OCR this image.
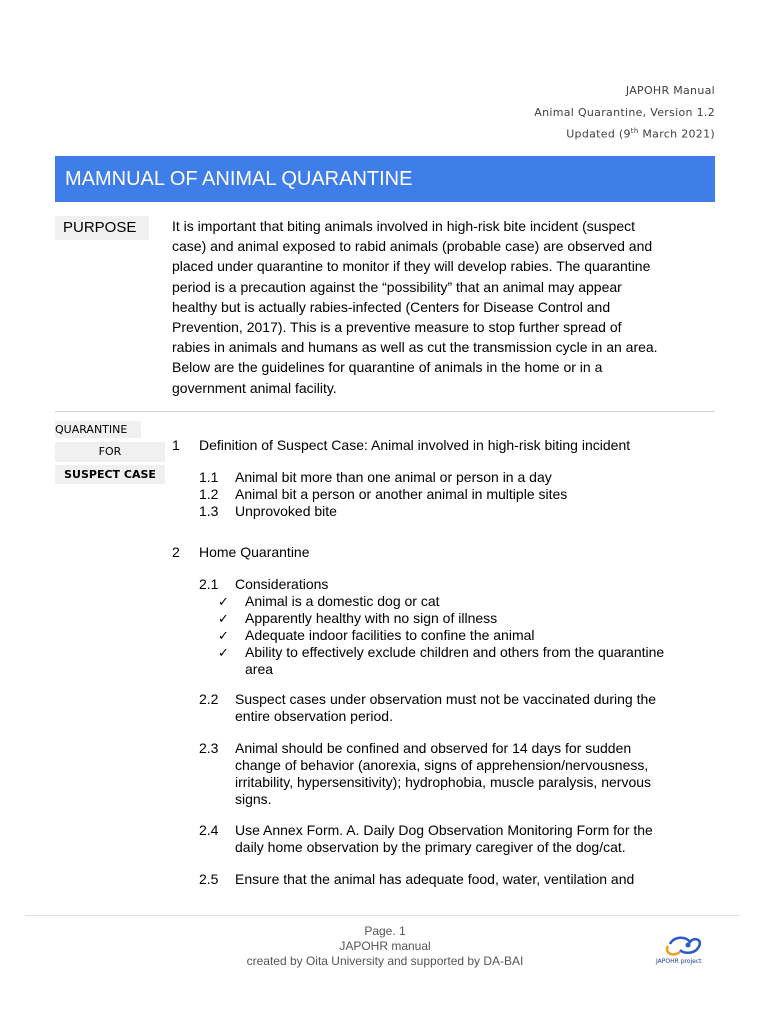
JAPOHR Manual
Animal Quarantine, Version 1.2
Updated (9th March 2021)
MAMNUAL OF ANIMAL QUARANTINE
PURPOSE	It is important that biting animals involved in high-risk bite incident (suspect
case) and animal exposed to rabid animals (probable case) are observed and
placed under quarantine to monitor if they will develop rabies. The quarantine
period is a precaution against the “possibility” that an animal may appear
healthy but is actually rabies-infected (Centers for Disease Control and
Prevention, 2017). This is a preventive measure to stop further spread of
rabies in animals and humans as well as cut the transmission cycle in an area.
Below are the guidelines for quarantine of animals in the home or in a
government animal facility.
QUARANTINE
FOR
SUSPECT CASE
1 Definition of Suspect Case: Animal involved in high-risk biting incident
1.1 Animal bit more than one animal or person in a day
1.2 Animal bit a person or another animal in multiple sites
1.3 Unprovoked bite
2 Home Quarantine
2.1 Considerations
✓ Animal is a domestic dog or cat
✓ Apparently healthy with no sign of illness
✓ Adequate indoor facilities to confine the animal
✓ Ability to effectively exclude children and others from the quarantine
area
2.2 Suspect cases under observation must not be vaccinated during the
entire observation period.
2.3 Animal should be confined and observed for 14 days for sudden
change of behavior (anorexia, signs of apprehension/nervousness,
irritability, hypersensitivity); hydrophobia, muscle paralysis, nervous
signs.
2.4 Use Annex Form. A. Daily Dog Observation Monitoring Form for the
daily home observation by the primary caregiver of the dog/cat.
2.5 Ensure that the animal has adequate food, water, ventilation and
Page. 1
JAPOHR manual
created by Oita University and supported by DA-BAI	JAPOHR project
